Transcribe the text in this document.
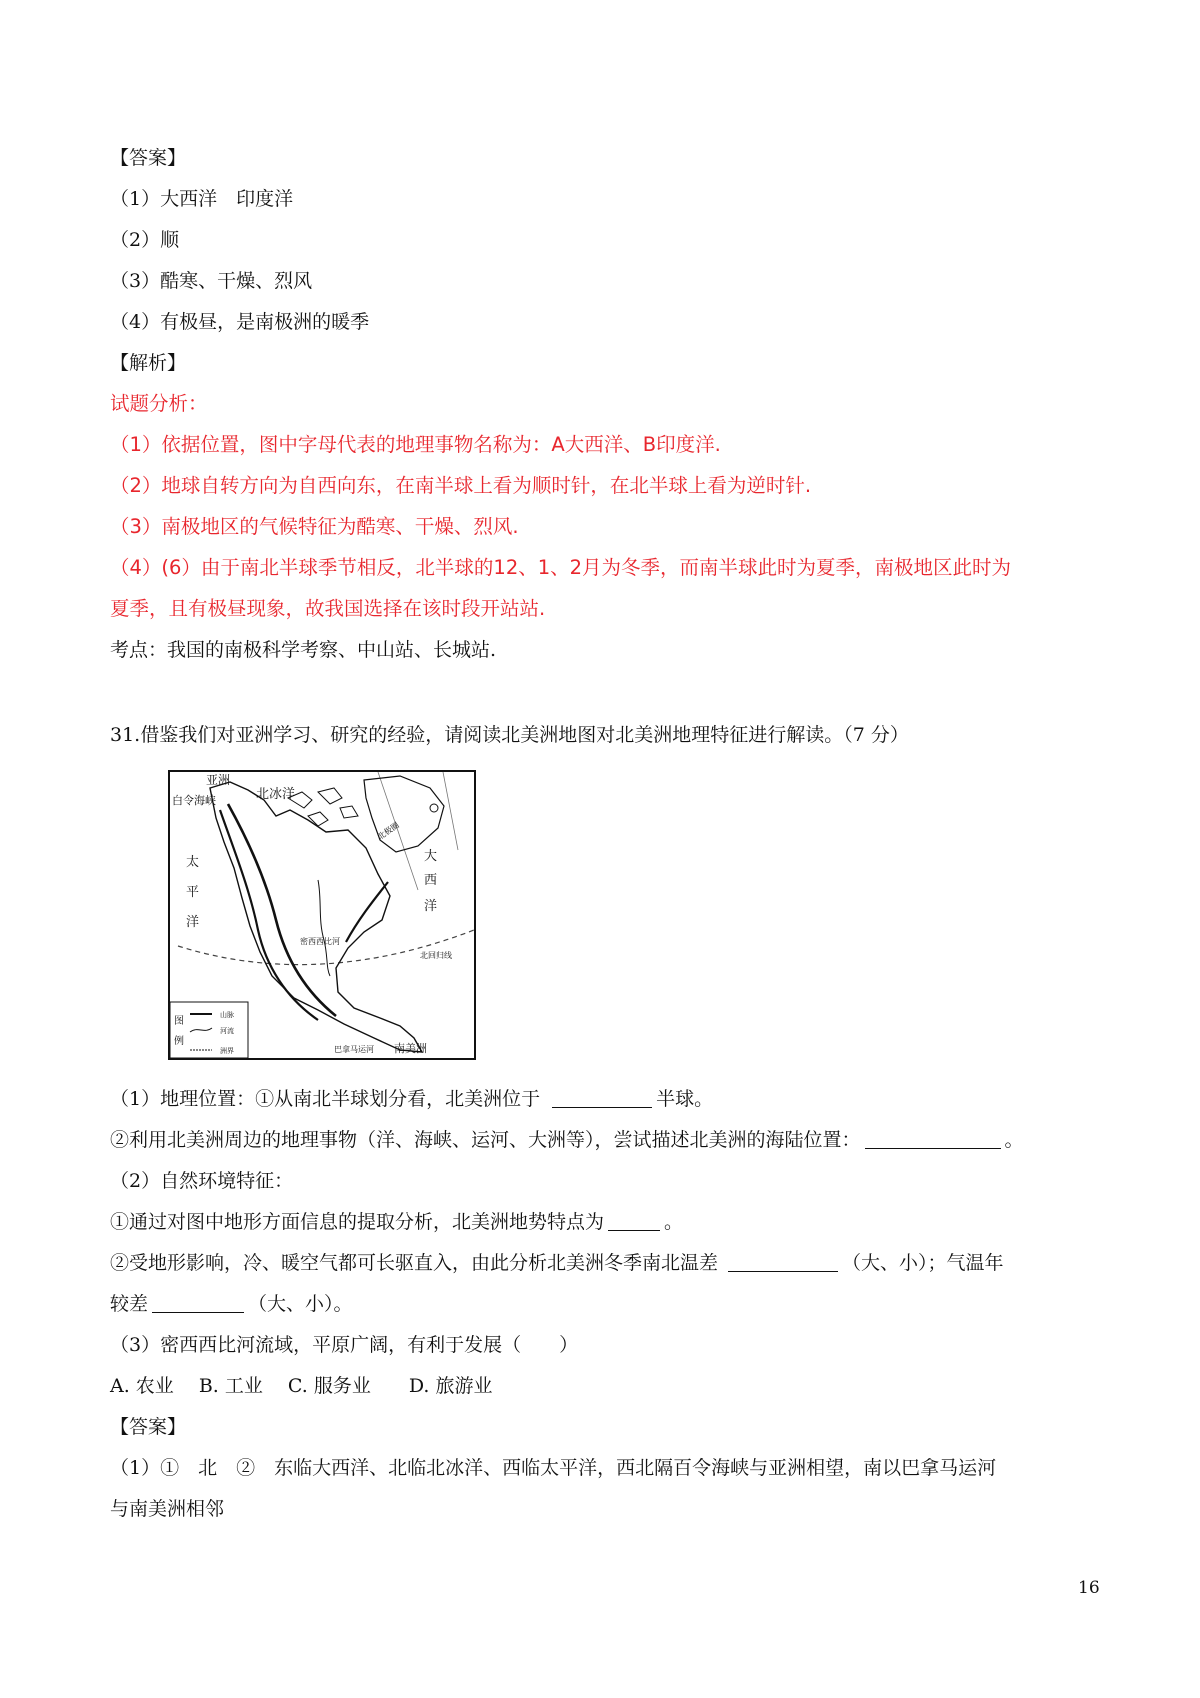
【答案】
（1）大西洋　印度洋
（2）顺
（3）酷寒、干燥、烈风
（4）有极昼，是南极洲的暖季
【解析】
试题分析：
（1）依据位置，图中字母代表的地理事物名称为：A大西洋、B印度洋.
（2）地球自转方向为自西向东，在南半球上看为顺时针，在北半球上看为逆时针.
（3）南极地区的气候特征为酷寒、干燥、烈风.
（4）(6）由于南北半球季节相反，北半球的12、1、2月为冬季，而南半球此时为夏季，南极地区此时为
夏季，且有极昼现象，故我国选择在该时段开站站.
考点：我国的南极科学考察、中山站、长城站.
31.借鉴我们对亚洲学习、研究的经验，请阅读北美洲地图对北美洲地理特征进行解读。（7 分）
亚洲
白令海峡	北冰洋
北极圈
太
平
洋
大
西
洋
密西西比河
北回归线
巴拿马运河 南美洲
图
例
山脉
河流
洲界
（1）地理位置：①从南北半球划分看，北美洲位于	半球。
②利用北美洲周边的地理事物（洋、海峡、运河、大洲等），尝试描述北美洲的海陆位置：	。
（2）自然环境特征：
①通过对图中地形方面信息的提取分析，北美洲地势特点为	。
②受地形影响，冷、暖空气都可长驱直入，由此分析北美洲冬季南北温差	（大、小）；气温年
较差	（大、小）。
（3）密西西比河流域，平原广阔，有利于发展（　　）
A. 农业　 B. 工业　 C. 服务业　　D. 旅游业
【答案】
（1）①　北　②　东临大西洋、北临北冰洋、西临太平洋，西北隔百令海峡与亚洲相望，南以巴拿马运河
与南美洲相邻
16
